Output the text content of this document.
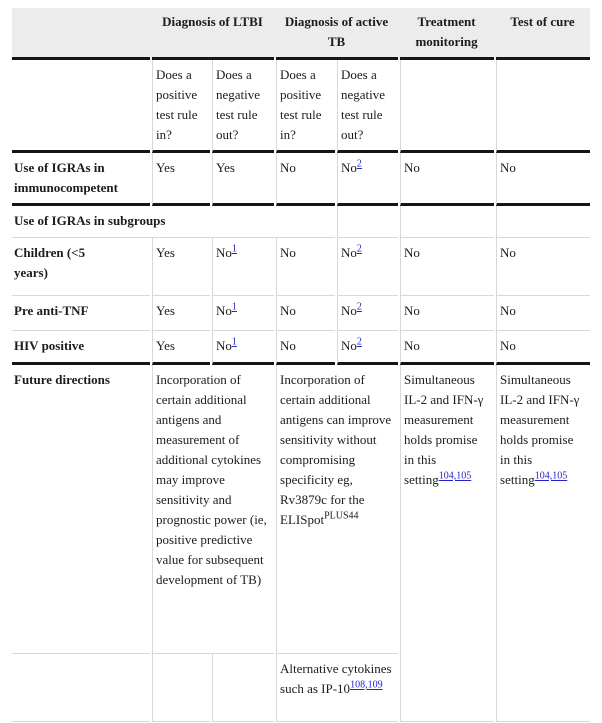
	Diagnosis of LTBI		Diagnosis of active TB		Treatment monitoring	Test of cure
	Does a positive test rule in?	Does a negative test rule out?	Does a positive test rule in?	Does a negative test rule out?		
Use of IGRAs in immunocompetent	Yes	Yes	No	No$^2$	No	No
Use of IGRAs in subgroups						
Children (<5 years)	Yes	No$^1$	No	No$^2$	No	No
Pre anti-TNF	Yes	No$^1$	No	No$^2$	No	No
HIV positive	Yes	No$^1$	No	No$^2$	No	No
Future directions	Incorporation of certain additional antigens and measurement of additional cytokines may improve sensitivity and prognostic power (ie, positive predictive value for subsequent development of TB)		Incorporation of certain additional antigens can improve sensitivity without compromising specificity eg, Rv3879c for the ELISpot$^{PLUS44}$		Simultaneous IL-2 and IFN-γ measurement holds promise in this setting$^{104,105}$	Simultaneous IL-2 and IFN-γ measurement holds promise in this setting$^{104,105}$
			Alternative cytokines such as IP-10$^{108,109}$
